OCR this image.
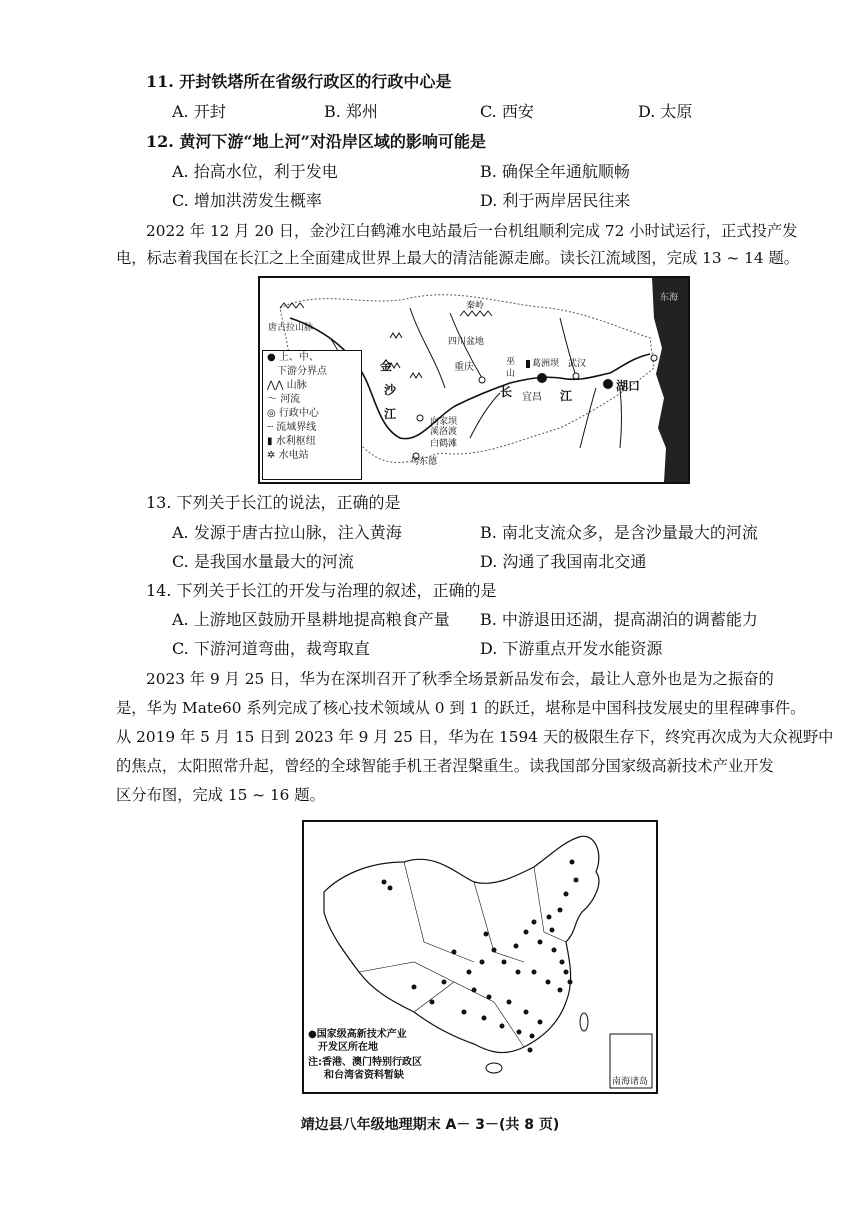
11. 开封铁塔所在省级行政区的行政中心是
A. 开封	B. 郑州	C. 西安	D. 太原
12. 黄河下游“地上河”对沿岸区域的影响可能是
A. 抬高水位，利于发电	B. 确保全年通航顺畅
C. 增加洪涝发生概率	D. 利于两岸居民往来
2022 年 12 月 20 日，金沙江白鹤滩水电站最后一台机组顺利完成 72 小时试运行，正式投产发
电，标志着我国在长江之上全面建成世界上最大的清洁能源走廊。读长江流域图，完成 13 ~ 14 题。
东海
秦岭
唐古拉山脉
金
沙
江
四川盆地
重庆
长 宜昌 江
武汉
湖口
巫
山
葛洲坝
向家坝
溪洛渡
白鹤滩
乌东德
● 上、中、
下游分界点
⋀⋀ 山脉
〜 河流
◎ 行政中心
┈ 流域界线
▮ 水利枢纽
✲ 水电站
13. 下列关于长江的说法，正确的是
A. 发源于唐古拉山脉，注入黄海	B. 南北支流众多，是含沙量最大的河流
C. 是我国水量最大的河流	D. 沟通了我国南北交通
14. 下列关于长江的开发与治理的叙述，正确的是
A. 上游地区鼓励开垦耕地提高粮食产量 B. 中游退田还湖，提高湖泊的调蓄能力
C. 下游河道弯曲，裁弯取直	D. 下游重点开发水能资源
2023 年 9 月 25 日，华为在深圳召开了秋季全场景新品发布会，最让人意外也是为之振奋的
是，华为 Mate60 系列完成了核心技术领域从 0 到 1 的跃迁，堪称是中国科技发展史的里程碑事件。
从 2019 年 5 月 15 日到 2023 年 9 月 25 日，华为在 1594 天的极限生存下，终究再次成为大众视野中
的焦点，太阳照常升起，曾经的全球智能手机王者涅槃重生。读我国部分国家级高新技术产业开发
区分布图，完成 15 ~ 16 题。
南海诸岛
●国家级高新技术产业
开发区所在地
注:香港、澳门特别行政区
和台湾省资料暂缺
靖边县八年级地理期末 A－ 3－(共 8 页)
